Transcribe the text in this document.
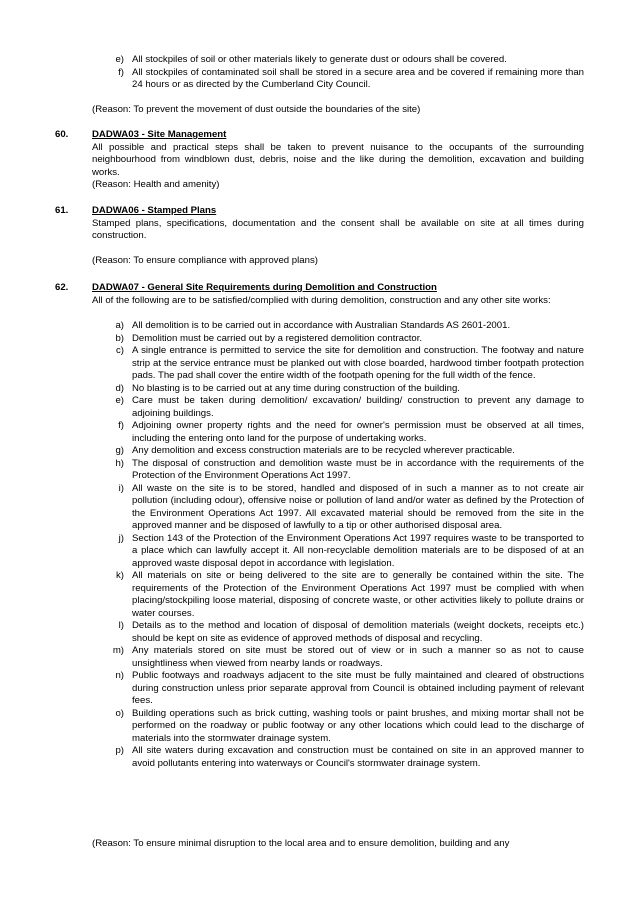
e) All stockpiles of soil or other materials likely to generate dust or odours shall be covered.
f) All stockpiles of contaminated soil shall be stored in a secure area and be covered if remaining more than 24 hours or as directed by the Cumberland City Council.
(Reason: To prevent the movement of dust outside the boundaries of the site)
60. DADWA03 - Site Management
All possible and practical steps shall be taken to prevent nuisance to the occupants of the surrounding neighbourhood from windblown dust, debris, noise and the like during the demolition, excavation and building works.
(Reason: Health and amenity)
61. DADWA06 - Stamped Plans
Stamped plans, specifications, documentation and the consent shall be available on site at all times during construction.
(Reason: To ensure compliance with approved plans)
62. DADWA07 - General Site Requirements during Demolition and Construction
All of the following are to be satisfied/complied with during demolition, construction and any other site works:
a) All demolition is to be carried out in accordance with Australian Standards AS 2601-2001.
b) Demolition must be carried out by a registered demolition contractor.
c) A single entrance is permitted to service the site for demolition and construction. The footway and nature strip at the service entrance must be planked out with close boarded, hardwood timber footpath protection pads. The pad shall cover the entire width of the footpath opening for the full width of the fence.
d) No blasting is to be carried out at any time during construction of the building.
e) Care must be taken during demolition/ excavation/ building/ construction to prevent any damage to adjoining buildings.
f) Adjoining owner property rights and the need for owner's permission must be observed at all times, including the entering onto land for the purpose of undertaking works.
g) Any demolition and excess construction materials are to be recycled wherever practicable.
h) The disposal of construction and demolition waste must be in accordance with the requirements of the Protection of the Environment Operations Act 1997.
i) All waste on the site is to be stored, handled and disposed of in such a manner as to not create air pollution (including odour), offensive noise or pollution of land and/or water as defined by the Protection of the Environment Operations Act 1997. All excavated material should be removed from the site in the approved manner and be disposed of lawfully to a tip or other authorised disposal area.
j) Section 143 of the Protection of the Environment Operations Act 1997 requires waste to be transported to a place which can lawfully accept it. All non-recyclable demolition materials are to be disposed of at an approved waste disposal depot in accordance with legislation.
k) All materials on site or being delivered to the site are to generally be contained within the site. The requirements of the Protection of the Environment Operations Act 1997 must be complied with when placing/stockpiling loose material, disposing of concrete waste, or other activities likely to pollute drains or water courses.
l) Details as to the method and location of disposal of demolition materials (weight dockets, receipts etc.) should be kept on site as evidence of approved methods of disposal and recycling.
m) Any materials stored on site must be stored out of view or in such a manner so as not to cause unsightliness when viewed from nearby lands or roadways.
n) Public footways and roadways adjacent to the site must be fully maintained and cleared of obstructions during construction unless prior separate approval from Council is obtained including payment of relevant fees.
o) Building operations such as brick cutting, washing tools or paint brushes, and mixing mortar shall not be performed on the roadway or public footway or any other locations which could lead to the discharge of materials into the stormwater drainage system.
p) All site waters during excavation and construction must be contained on site in an approved manner to avoid pollutants entering into waterways or Council's stormwater drainage system.
(Reason: To ensure minimal disruption to the local area and to ensure demolition, building and any
